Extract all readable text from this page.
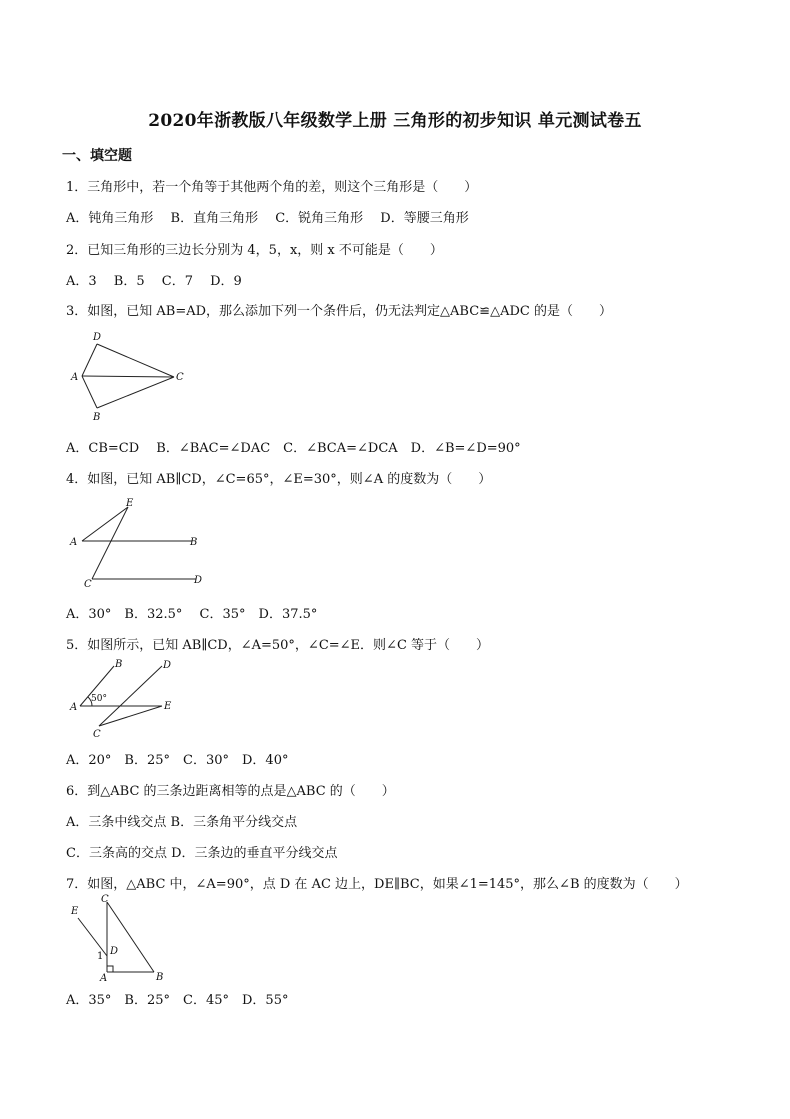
2020年浙教版八年级数学上册 三角形的初步知识 单元测试卷五
一、填空题
1．三角形中，若一个角等于其他两个角的差，则这个三角形是（　　）
A．钝角三角形　 B．直角三角形　 C．锐角三角形　 D．等腰三角形
2．已知三角形的三边长分别为 4，5，x，则 x 不可能是（　　）
A．3　 B．5　 C．7　 D．9
3．如图，已知 AB=AD，那么添加下列一个条件后，仍无法判定△ABC≌△ADC 的是（　　）
D
A	C
B
A．CB=CD　 B．∠BAC=∠DAC　C．∠BCA=∠DCA　D．∠B=∠D=90°
4．如图，已知 AB∥CD，∠C=65°，∠E=30°，则∠A 的度数为（　　）
E
A	B
C	D
A．30°　B．32.5°　 C．35°　D．37.5°
5．如图所示，已知 AB∥CD，∠A=50°，∠C=∠E．则∠C 等于（　　）
B	D
50°
A	E
C
A．20°　B．25°　C．30°　D．40°
6．到△ABC 的三条边距离相等的点是△ABC 的（　　）
A．三条中线交点 B．三条角平分线交点
C．三条高的交点 D．三条边的垂直平分线交点
7．如图，△ABC 中，∠A=90°，点 D 在 AC 边上，DE∥BC，如果∠1=145°，那么∠B 的度数为（　　）
C
E
D
1
A	B
A．35°　B．25°　C．45°　D．55°
